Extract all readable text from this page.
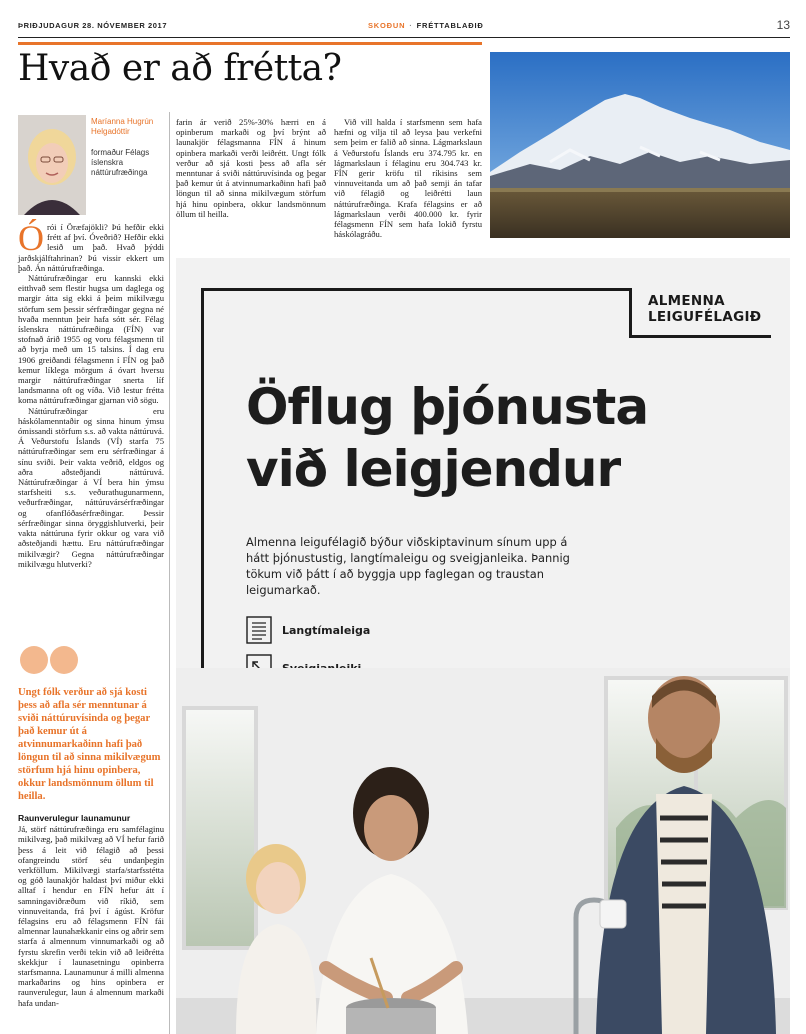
ÞRIÐJUDAGUR 28. NÓVEMBER 2017	SKOÐUN · FRÉTTABLAÐIÐ	13
Hvað er að frétta?
Maríanna Hugrún Helgadóttir
formaður Félags íslenskra náttúrufræðinga
Ó rói í Öræfajökli? Þú hefðir ekki frétt af því. Óveðrið? Hefðir ekki lesið um það. Hvað þýddi jarðskjálftahrinan? Þú vissir ekkert um það. Án náttúrufræðinga.

Náttúrufræðingar eru kannski ekki eitthvað sem flestir hugsa um daglega og margir átta sig ekki á þeim mikilvægu störfum sem þessir sérfræðingar gegna né hvaða menntun þeir hafa sótt sér. Félag íslenskra náttúrufræðinga (FÍN) var stofnað árið 1955 og voru félagsmenn til að byrja með um 15 talsins. Í dag eru 1906 greiðandi félagsmenn í FÍN og það kemur líklega mörgum á óvart hversu margir náttúrufræðingar snerta líf landsmanna oft og víða. Við lestur frétta koma náttúrufræðingar gjarnan við sögu.

Náttúrufræðingar eru háskólamenntaðir og sinna hinum ýmsu ómissandi störfum s.s. að vakta náttúruvá. Á Veðurstofu Íslands (VÍ) starfa 75 náttúrufræðingar sem eru sérfræðingar á sínu sviði. Þeir vakta veðrið, eldgos og aðra aðsteðjandi náttúruvá. Náttúrufræðingar á VÍ bera hin ýmsu starfsheiti s.s. veðurathugunarmenn, veðurfræðingar, náttúruvársérfræðingar og ofanflóðasérfræðingar. Þessir sérfræðingar sinna öryggishlutverki, þeir vakta náttúruna fyrir okkur og vara við aðsteðjandi hættu. Eru náttúrufræðingar mikilvægir? Gegna náttúrufræðingar mikilvægu hlutverki?

Ungt fólk verður að sjá kosti þess að afla sér menntunar á sviði náttúruvísinda og þegar það kemur út á atvinnumarkaðinn hafi það löngun til að sinna mikilvægum störfum hjá hinu opinbera, okkur landsmönnum öllum til heilla.
Raunverulegur launamunur

Já, störf náttúrufræðinga eru samfélaginu mikilvæg, það mikilvæg að VÍ hefur farið þess á leit við félagið að þessi ofangreindu störf séu undanþegin verkföllum. Mikilvægi starfa/starfsstétta og góð launakjör haldast því miður ekki alltaf í hendur en FÍN hefur átt í samningaviðræðum við ríkið, sem vinnuveitanda, frá því í ágúst. Kröfur félagsins eru að félagsmenn FÍN fái almennar launahækkanir eins og aðrir sem starfa á almennum vinnumarkaði og að fyrstu skrefin verði tekin við að leiðrétta skekkjur í launasetningu opinberra starfsmanna. Launamunur á milli almenna markaðarins og hins opinbera er raunverulegur, laun á almennum markaði hafa undan-

farin ár verið 25%-30% hærri en á opinberum markaði og því brýnt að launakjör félagsmanna FÍN á hinum opinbera markaði verði leiðrétt. Ungt fólk verður að sjá kosti þess að afla sér menntunar á sviði náttúruvísinda og þegar það kemur út á atvinnumarkaðinn hafi það löngun til að sinna mikilvægum störfum hjá hinu opinbera, okkur landsmönnum öllum til heilla.

Við vill halda í starfsmenn sem hafa hæfni og vilja til að leysa þau verkefni sem þeim er falið að sinna. Lágmarkslaun á Veðurstofu Íslands eru 374.795 kr. en lágmarkslaun í félaginu eru 304.743 kr. FÍN gerir kröfu til ríkisins sem vinnuveitanda um að það semji án tafar við félagið og leiðrétti laun náttúrufræðinga. Krafa félagsins er að lágmarkslaun verði 400.000 kr. fyrir félagsmenn FÍN sem hafa lokið fyrstu háskólagráðu.

ALMENNA
LEIGUFÉLAGIÐ
Öflug þjónusta
við leigjendur
Almenna leigufélagið býður viðskiptavinum sínum upp á hátt þjónustustig, langtímaleigu og sveigjanleika. Þannig tökum við þátt í að byggja upp faglegan og traustan leigumarkað.
Langtímaleiga
